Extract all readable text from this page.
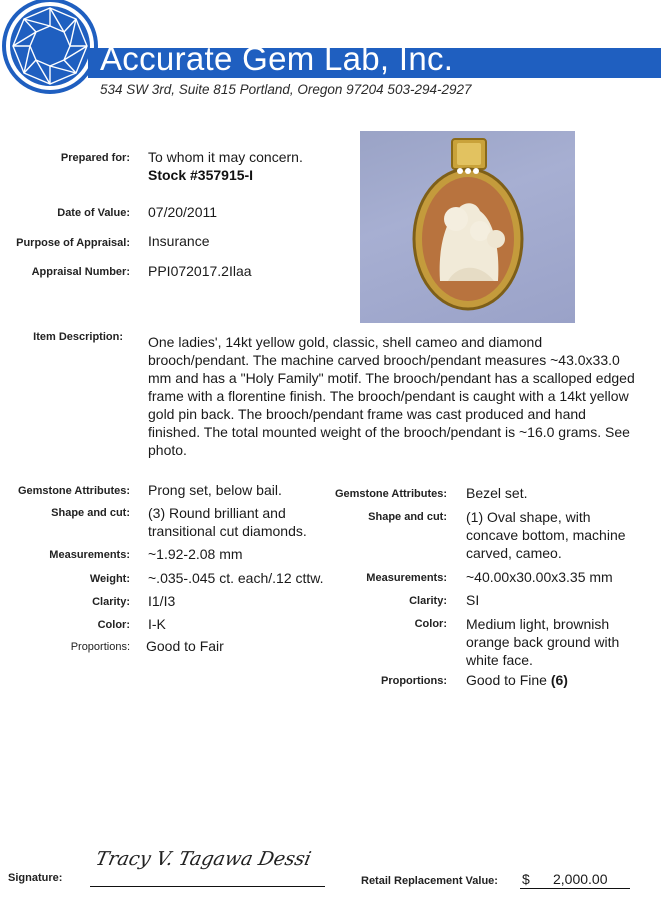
Accurate Gem Lab, Inc.
534 SW 3rd, Suite 815 Portland, Oregon 97204 503-294-2927
Prepared for: To whom it may concern.
Stock #357915-I
Date of Value: 07/20/2011
Purpose of Appraisal: Insurance
Appraisal Number: PPI072017.2Ilaa
Item Description: One ladies', 14kt yellow gold, classic, shell cameo and diamond brooch/pendant. The machine carved brooch/pendant measures ~43.0x33.0 mm and has a "Holy Family" motif. The brooch/pendant has a scalloped edged frame with a florentine finish. The brooch/pendant is caught with a 14kt yellow gold pin back. The brooch/pendant frame was cast produced and hand finished. The total mounted weight of the brooch/pendant is ~16.0 grams. See photo.
Gemstone Attributes: Prong set, below bail.
Shape and cut: (3) Round brilliant and
transitional cut diamonds.
Measurements: ~1.92-2.08 mm
Weight: ~.035-.045 ct. each/.12 cttw.
Clarity: I1/I3
Color: I-K
Proportions: Good to Fair
Gemstone Attributes: Bezel set.
Shape and cut: (1) Oval shape, with
concave bottom, machine
carved, cameo.
Measurements: ~40.00x30.00x3.35 mm
Clarity: SI
Color: Medium light, brownish
orange back ground with
white face.
Proportions: Good to Fine (6)
Signature:
Tracy V. Tagawa Dessi
Retail Replacement Value: $ 2,000.00
